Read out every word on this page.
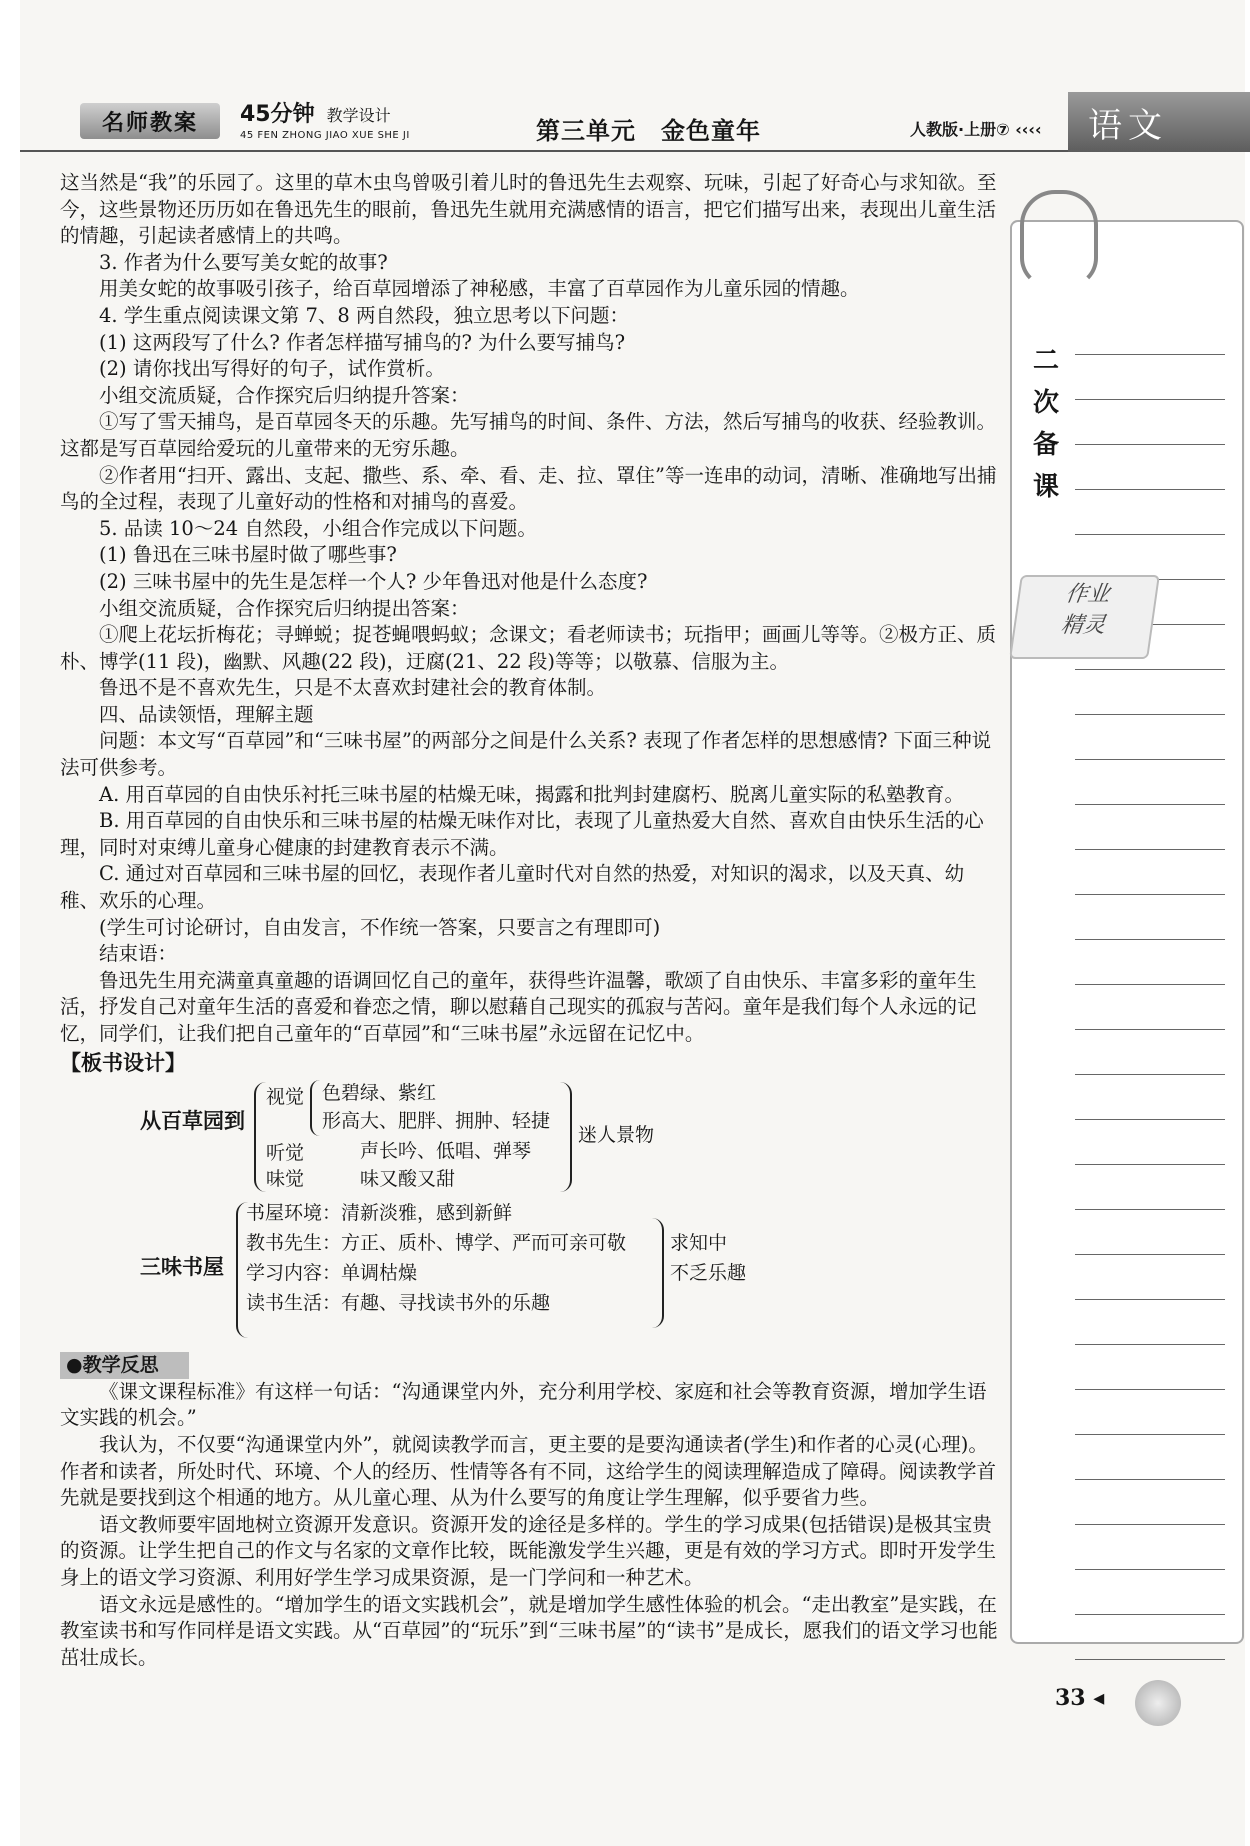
名师教案	45分钟 教学设计
45 FEN ZHONG JIAO XUE SHE JI	第三单元　金色童年	人教版·上册⑦ ‹‹‹‹	语文
二
次
备
课
作业
精灵

这当然是“我”的乐园了。这里的草木虫鸟曾吸引着儿时的鲁迅先生去观察、玩味，引起了好奇心与求知欲。至今，这些景物还历历如在鲁迅先生的眼前，鲁迅先生就用充满感情的语言，把它们描写出来，表现出儿童生活的情趣，引起读者感情上的共鸣。

3. 作者为什么要写美女蛇的故事?

用美女蛇的故事吸引孩子，给百草园增添了神秘感，丰富了百草园作为儿童乐园的情趣。

4. 学生重点阅读课文第 7、8 两自然段，独立思考以下问题：

(1) 这两段写了什么? 作者怎样描写捕鸟的? 为什么要写捕鸟?

(2) 请你找出写得好的句子，试作赏析。

小组交流质疑，合作探究后归纳提升答案：

①写了雪天捕鸟，是百草园冬天的乐趣。先写捕鸟的时间、条件、方法，然后写捕鸟的收获、经验教训。这都是写百草园给爱玩的儿童带来的无穷乐趣。

②作者用“扫开、露出、支起、撒些、系、牵、看、走、拉、罩住”等一连串的动词，清晰、准确地写出捕鸟的全过程，表现了儿童好动的性格和对捕鸟的喜爱。

5. 品读 10～24 自然段，小组合作完成以下问题。

(1) 鲁迅在三味书屋时做了哪些事?

(2) 三味书屋中的先生是怎样一个人? 少年鲁迅对他是什么态度?

小组交流质疑，合作探究后归纳提出答案：

①爬上花坛折梅花；寻蝉蜕；捉苍蝇喂蚂蚁；念课文；看老师读书；玩指甲；画画儿等等。②极方正、质朴、博学(11 段)，幽默、风趣(22 段)，迂腐(21、22 段)等等；以敬慕、信服为主。

鲁迅不是不喜欢先生，只是不太喜欢封建社会的教育体制。

四、品读领悟，理解主题

问题：本文写“百草园”和“三味书屋”的两部分之间是什么关系? 表现了作者怎样的思想感情? 下面三种说法可供参考。

A. 用百草园的自由快乐衬托三味书屋的枯燥无味，揭露和批判封建腐朽、脱离儿童实际的私塾教育。

B. 用百草园的自由快乐和三味书屋的枯燥无味作对比，表现了儿童热爱大自然、喜欢自由快乐生活的心理，同时对束缚儿童身心健康的封建教育表示不满。

C. 通过对百草园和三味书屋的回忆，表现作者儿童时代对自然的热爱，对知识的渴求，以及天真、幼稚、欢乐的心理。

(学生可讨论研讨，自由发言，不作统一答案，只要言之有理即可)

结束语：

鲁迅先生用充满童真童趣的语调回忆自己的童年，获得些许温馨，歌颂了自由快乐、丰富多彩的童年生活，抒发自己对童年生活的喜爱和眷恋之情，聊以慰藉自己现实的孤寂与苦闷。童年是我们每个人永远的记忆，同学们，让我们把自己童年的“百草园”和“三味书屋”永远留在记忆中。

【板书设计】

从百草园到
视觉 色碧绿、紫红
形高大、肥胖、拥肿、轻捷
听觉	声长吟、低唱、弹琴
味觉	味又酸又甜
迷人景物
三味书屋
书屋环境：清新淡雅，感到新鲜
教书先生：方正、质朴、博学、严而可亲可敬
学习内容：单调枯燥
读书生活：有趣、寻找读书外的乐趣
求知中
不乏乐趣

●教学反思

《课文课程标准》有这样一句话：“沟通课堂内外，充分利用学校、家庭和社会等教育资源，增加学生语文实践的机会。”

我认为，不仅要“沟通课堂内外”，就阅读教学而言，更主要的是要沟通读者(学生)和作者的心灵(心理)。作者和读者，所处时代、环境、个人的经历、性情等各有不同，这给学生的阅读理解造成了障碍。阅读教学首先就是要找到这个相通的地方。从儿童心理、从为什么要写的角度让学生理解，似乎要省力些。

语文教师要牢固地树立资源开发意识。资源开发的途径是多样的。学生的学习成果(包括错误)是极其宝贵的资源。让学生把自己的作文与名家的文章作比较，既能激发学生兴趣，更是有效的学习方式。即时开发学生身上的语文学习资源、利用好学生学习成果资源，是一门学问和一种艺术。

语文永远是感性的。“增加学生的语文实践机会”，就是增加学生感性体验的机会。“走出教室”是实践，在教室读书和写作同样是语文实践。从“百草园”的“玩乐”到“三味书屋”的“读书”是成长，愿我们的语文学习也能茁壮成长。

33 ◂
